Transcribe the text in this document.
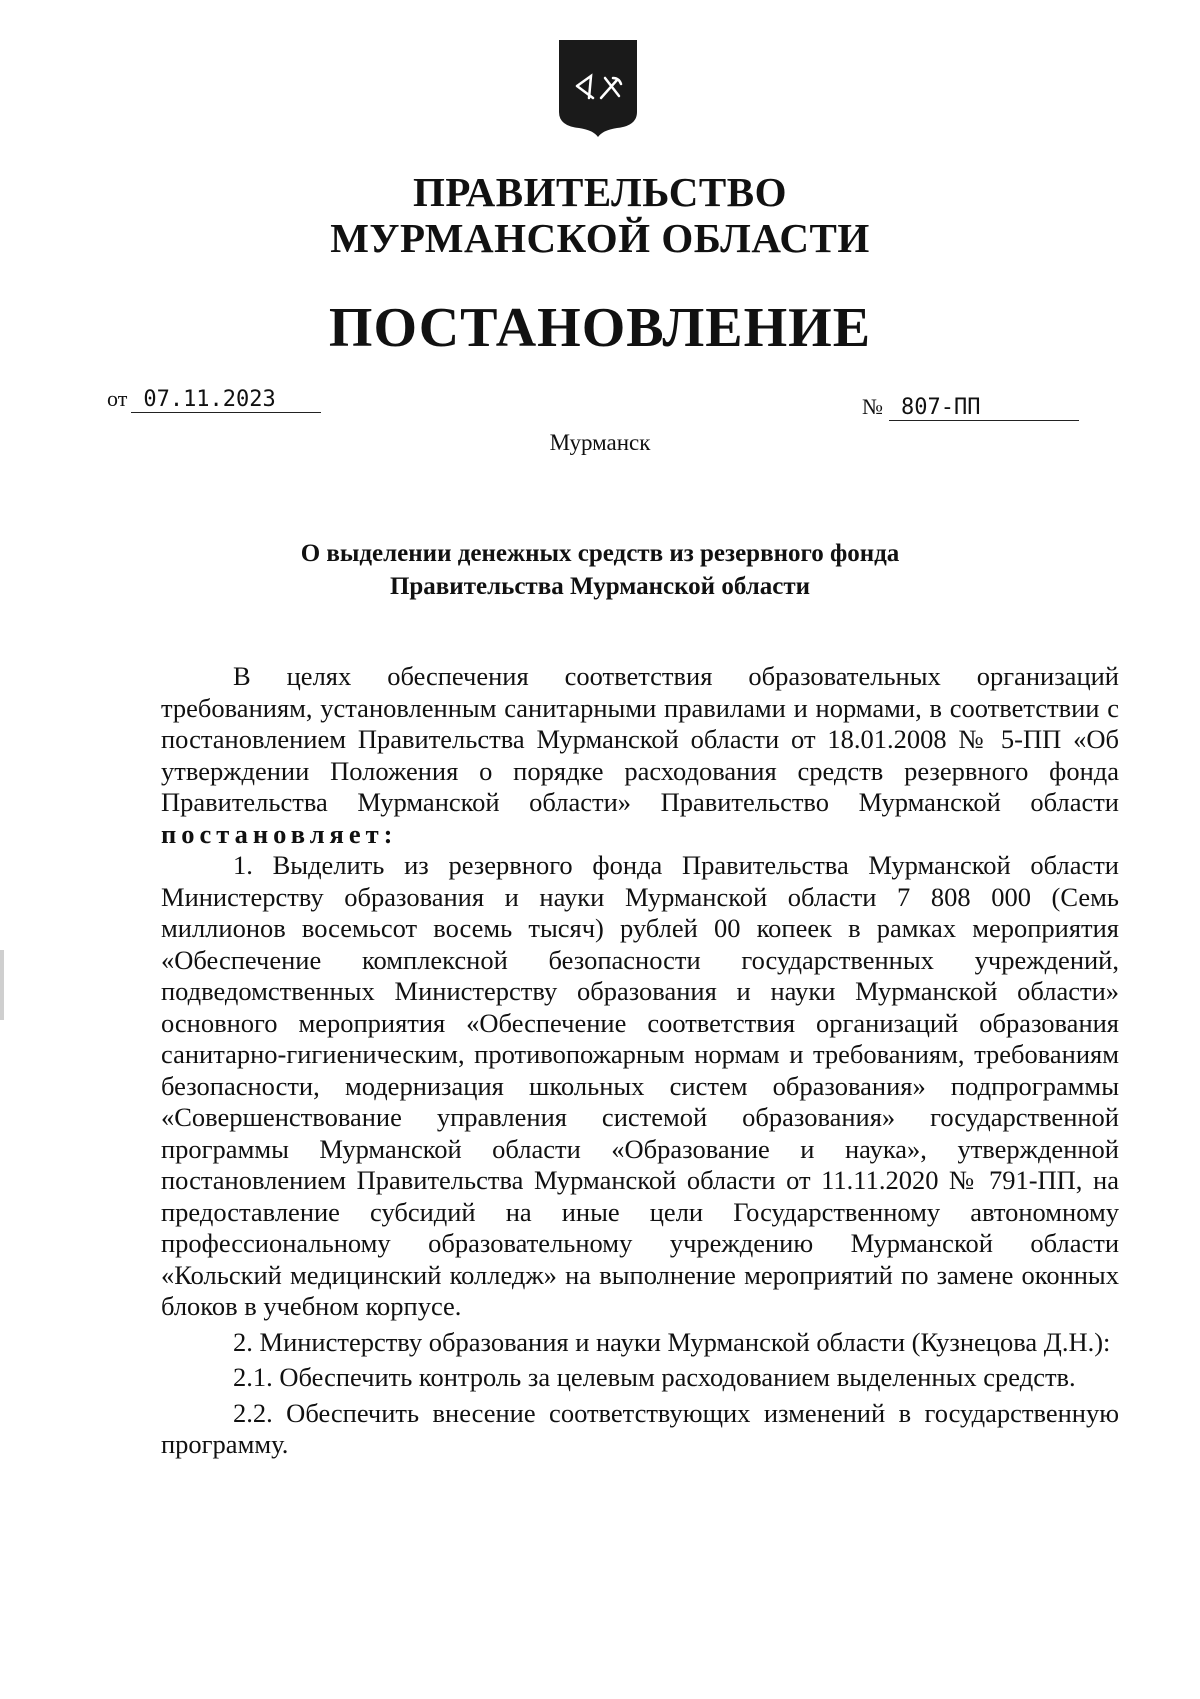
ПРАВИТЕЛЬСТВО
МУРМАНСКОЙ ОБЛАСТИ
ПОСТАНОВЛЕНИЕ
от 07.11.2023	№ 807-ПП
Мурманск
О выделении денежных средств из резервного фонда
Правительства Мурманской области

В целях обеспечения соответствия образовательных организаций требованиям, установленным санитарными правилами и нормами, в соответствии с постановлением Правительства Мурманской области от 18.01.2008 № 5-ПП «Об утверждении Положения о порядке расходования средств резервного фонда Правительства Мурманской области» Правительство Мурманской области постановляет:

1. Выделить из резервного фонда Правительства Мурманской области Министерству образования и науки Мурманской области 7 808 000 (Семь миллионов восемьсот восемь тысяч) рублей 00 копеек в рамках мероприятия «Обеспечение комплексной безопасности государственных учреждений, подведомственных Министерству образования и науки Мурманской области» основного мероприятия «Обеспечение соответствия организаций образования санитарно-гигиеническим, противопожарным нормам и требованиям, требованиям безопасности, модернизация школьных систем образования» подпрограммы «Совершенствование управления системой образования» государственной программы Мурманской области «Образование и наука», утвержденной постановлением Правительства Мурманской области от 11.11.2020 № 791-ПП, на предоставление субсидий на иные цели Государственному автономному профессиональному образовательному учреждению Мурманской области «Кольский медицинский колледж» на выполнение мероприятий по замене оконных блоков в учебном корпусе.

2. Министерству образования и науки Мурманской области (Кузнецова Д.Н.):

2.1. Обеспечить контроль за целевым расходованием выделенных средств.

2.2. Обеспечить внесение соответствующих изменений в государственную программу.
